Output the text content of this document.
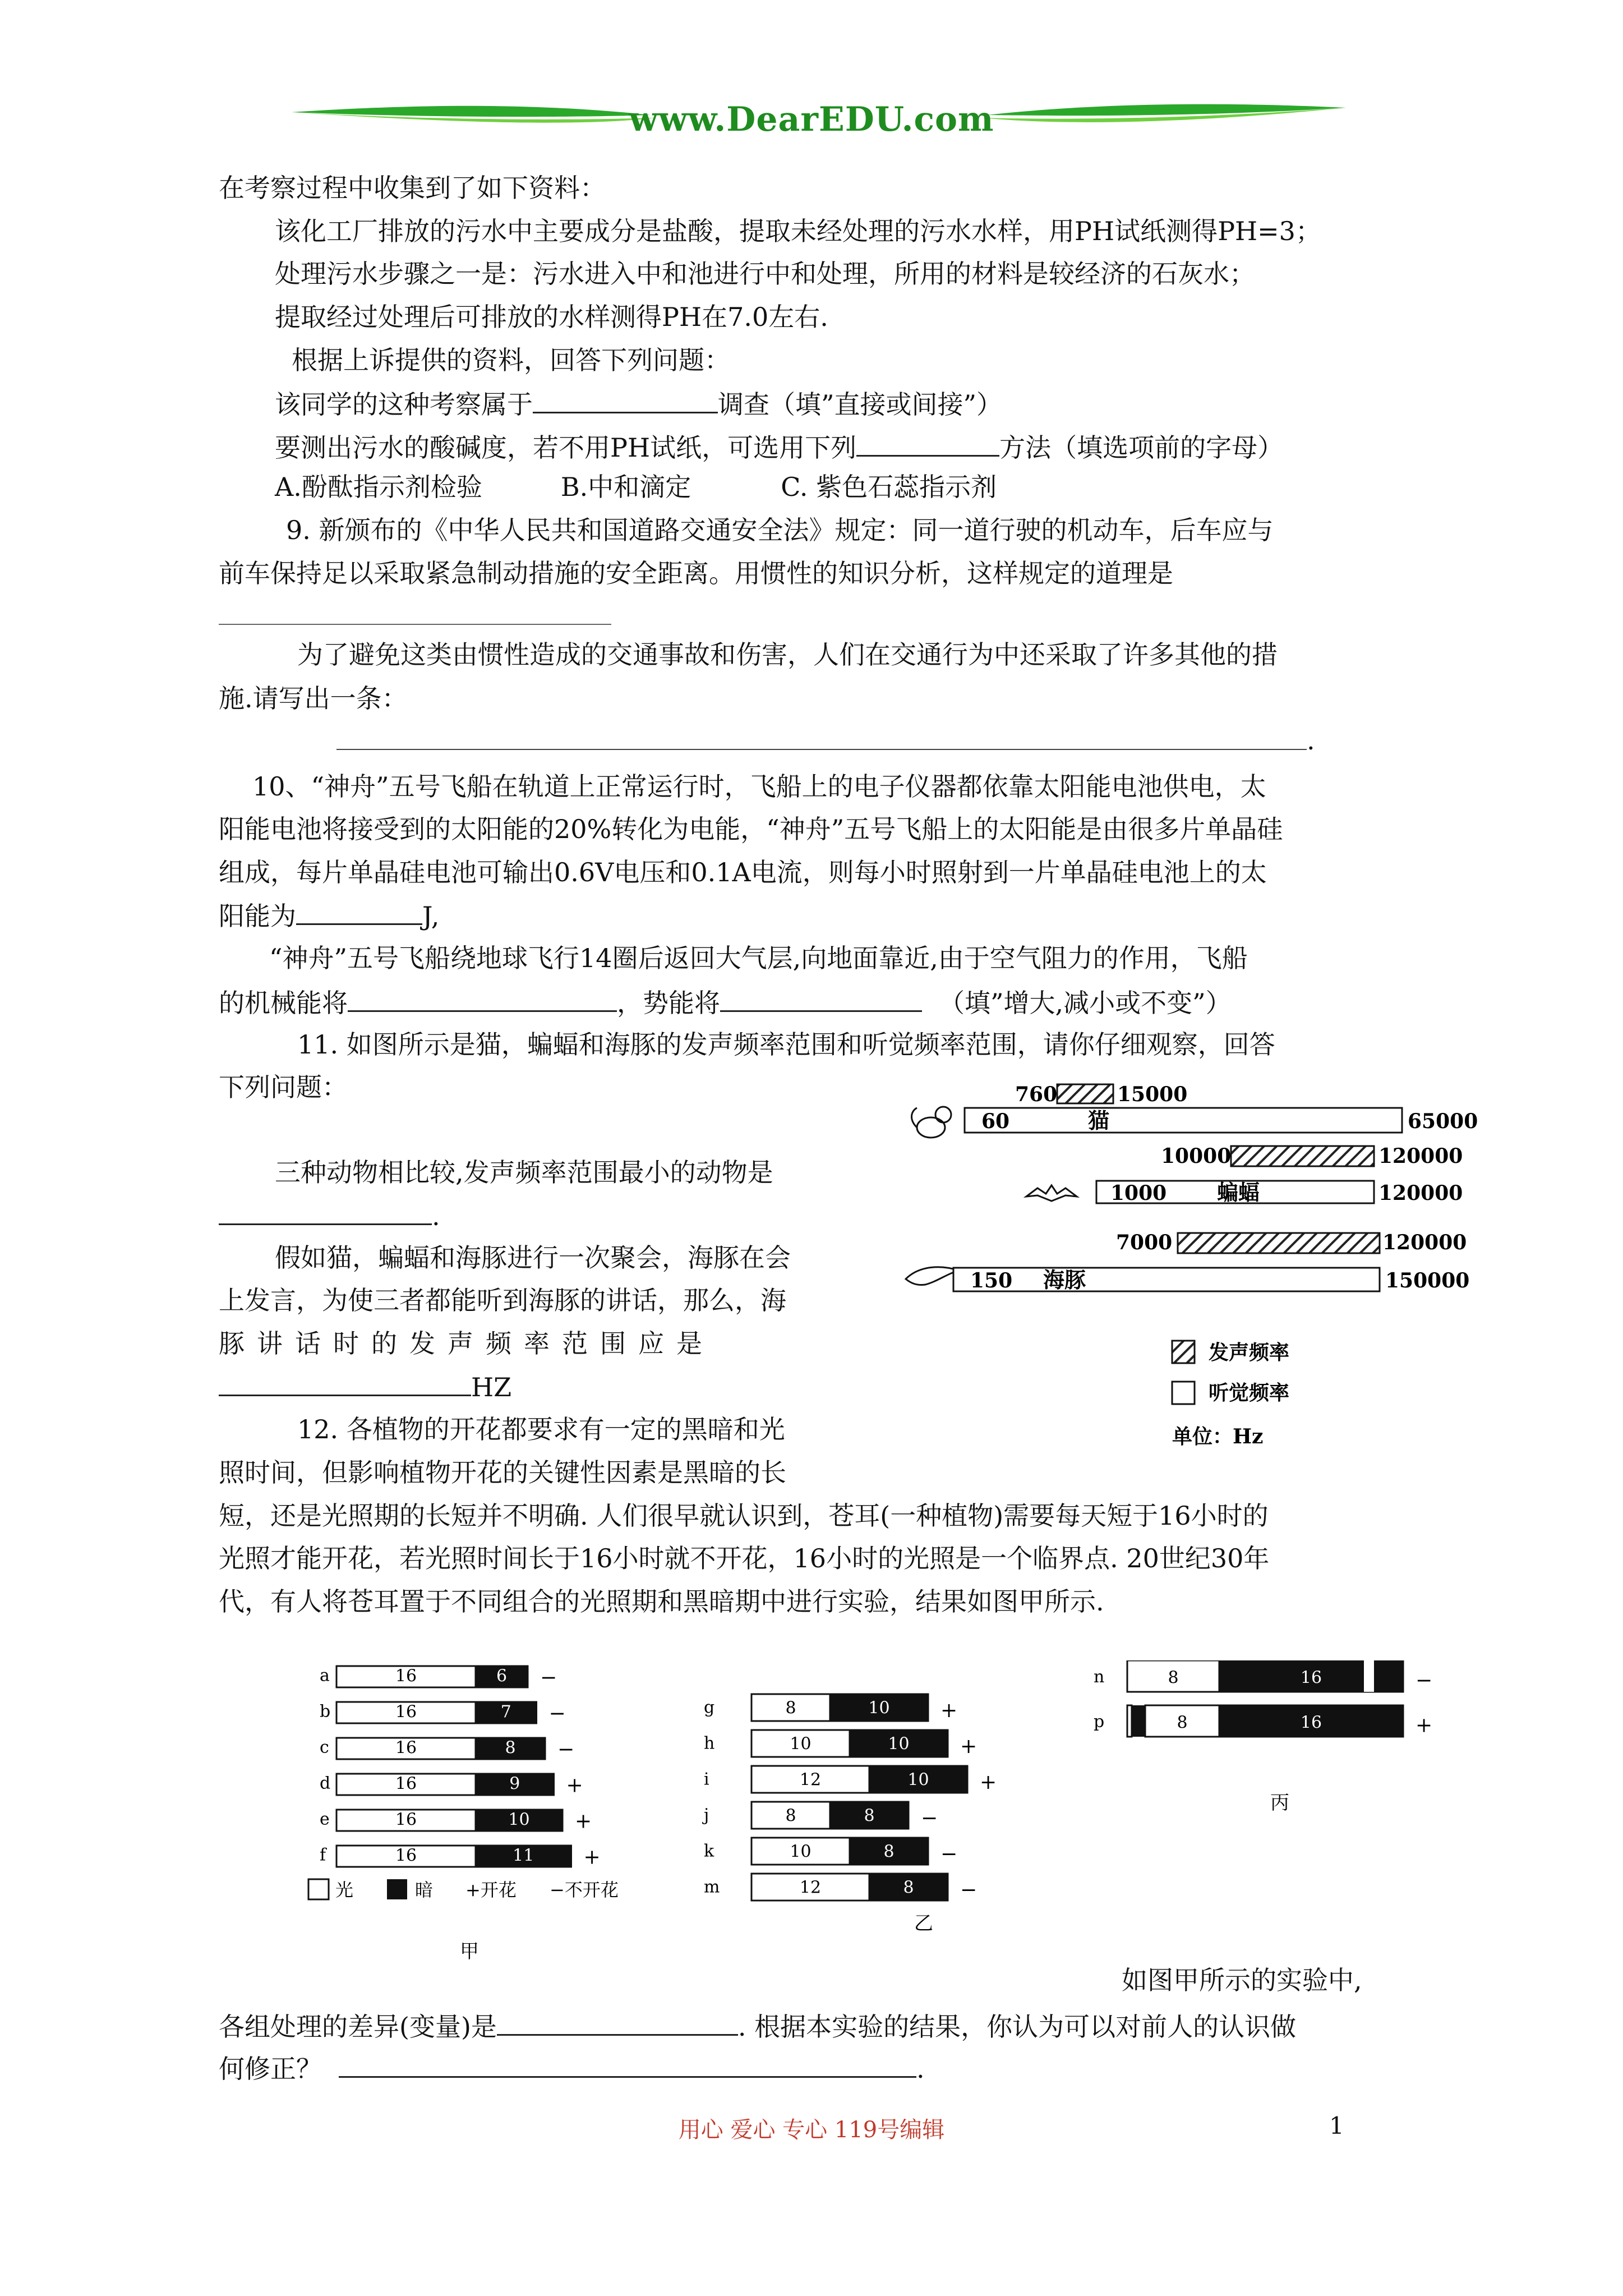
www.DearEDU.com
在考察过程中收集到了如下资料：
该化工厂排放的污水中主要成分是盐酸，提取未经处理的污水水样，用PH试纸测得PH=3；
处理污水步骤之一是：污水进入中和池进行中和处理，所用的材料是较经济的石灰水；
提取经过处理后可排放的水样测得PH在7.0左右.
根据上诉提供的资料，回答下列问题：
该同学的这种考察属于	调查（填”直接或间接”）
要测出污水的酸碱度，若不用PH试纸，可选用下列	方法（填选项前的字母）
A.酚酞指示剂检验	B.中和滴定	C. 紫色石蕊指示剂
9. 新颁布的《中华人民共和国道路交通安全法》规定：同一道行驶的机动车，后车应与
前车保持足以采取紧急制动措施的安全距离。用惯性的知识分析，这样规定的道理是
为了避免这类由惯性造成的交通事故和伤害，人们在交通行为中还采取了许多其他的措
施.请写出一条：
.
10、“神舟”五号飞船在轨道上正常运行时，飞船上的电子仪器都依靠太阳能电池供电，太
阳能电池将接受到的太阳能的20%转化为电能，“神舟”五号飞船上的太阳能是由很多片单晶硅
组成，每片单晶硅电池可输出0.6V电压和0.1A电流，则每小时照射到一片单晶硅电池上的太
阳能为	J,
“神舟”五号飞船绕地球飞行14圈后返回大气层,向地面靠近,由于空气阻力的作用，飞船
的机械能将	，势能将	（填”增大,减小或不变”）
11. 如图所示是猫，蝙蝠和海豚的发声频率范围和听觉频率范围，请你仔细观察，回答
下列问题：
三种动物相比较,发声频率范围最小的动物是
.
假如猫，蝙蝠和海豚进行一次聚会，海豚在会
上发言，为使三者都能听到海豚的讲话，那么，海
豚讲话时的发声频率范围应是
HZ
760	15000
60	猫	65000
10000	120000
1000 蝙蝠	120000
7000	120000
150 海豚	150000
发声频率
听觉频率
单位：Hz
12. 各植物的开花都要求有一定的黑暗和光
照时间，但影响植物开花的关键性因素是黑暗的长
短，还是光照期的长短并不明确. 人们很早就认识到，苍耳(一种植物)需要每天短于16小时的
光照才能开花，若光照时间长于16小时就不开花，16小时的光照是一个临界点. 20世纪30年
代，有人将苍耳置于不同组合的光照期和黑暗期中进行实验，结果如图甲所示.
a	16	6 −
b	16	7 −
c	16	8 −
d	16	9 +
e	16	10 +
f	16	11 +
甲
g	8	10	+
h	10	10	+
i	12	10	+
j	8	8 −
k	10	8 −
m	12	8 −
乙
n	8	16	−
p	8	16	+
丙
光	暗 +开花 −不开花
如图甲所示的实验中,
各组处理的差异(变量)是	. 根据本实验的结果，你认为可以对前人的认识做
何修正？	.
用心 爱心 专心 119号编辑	1
